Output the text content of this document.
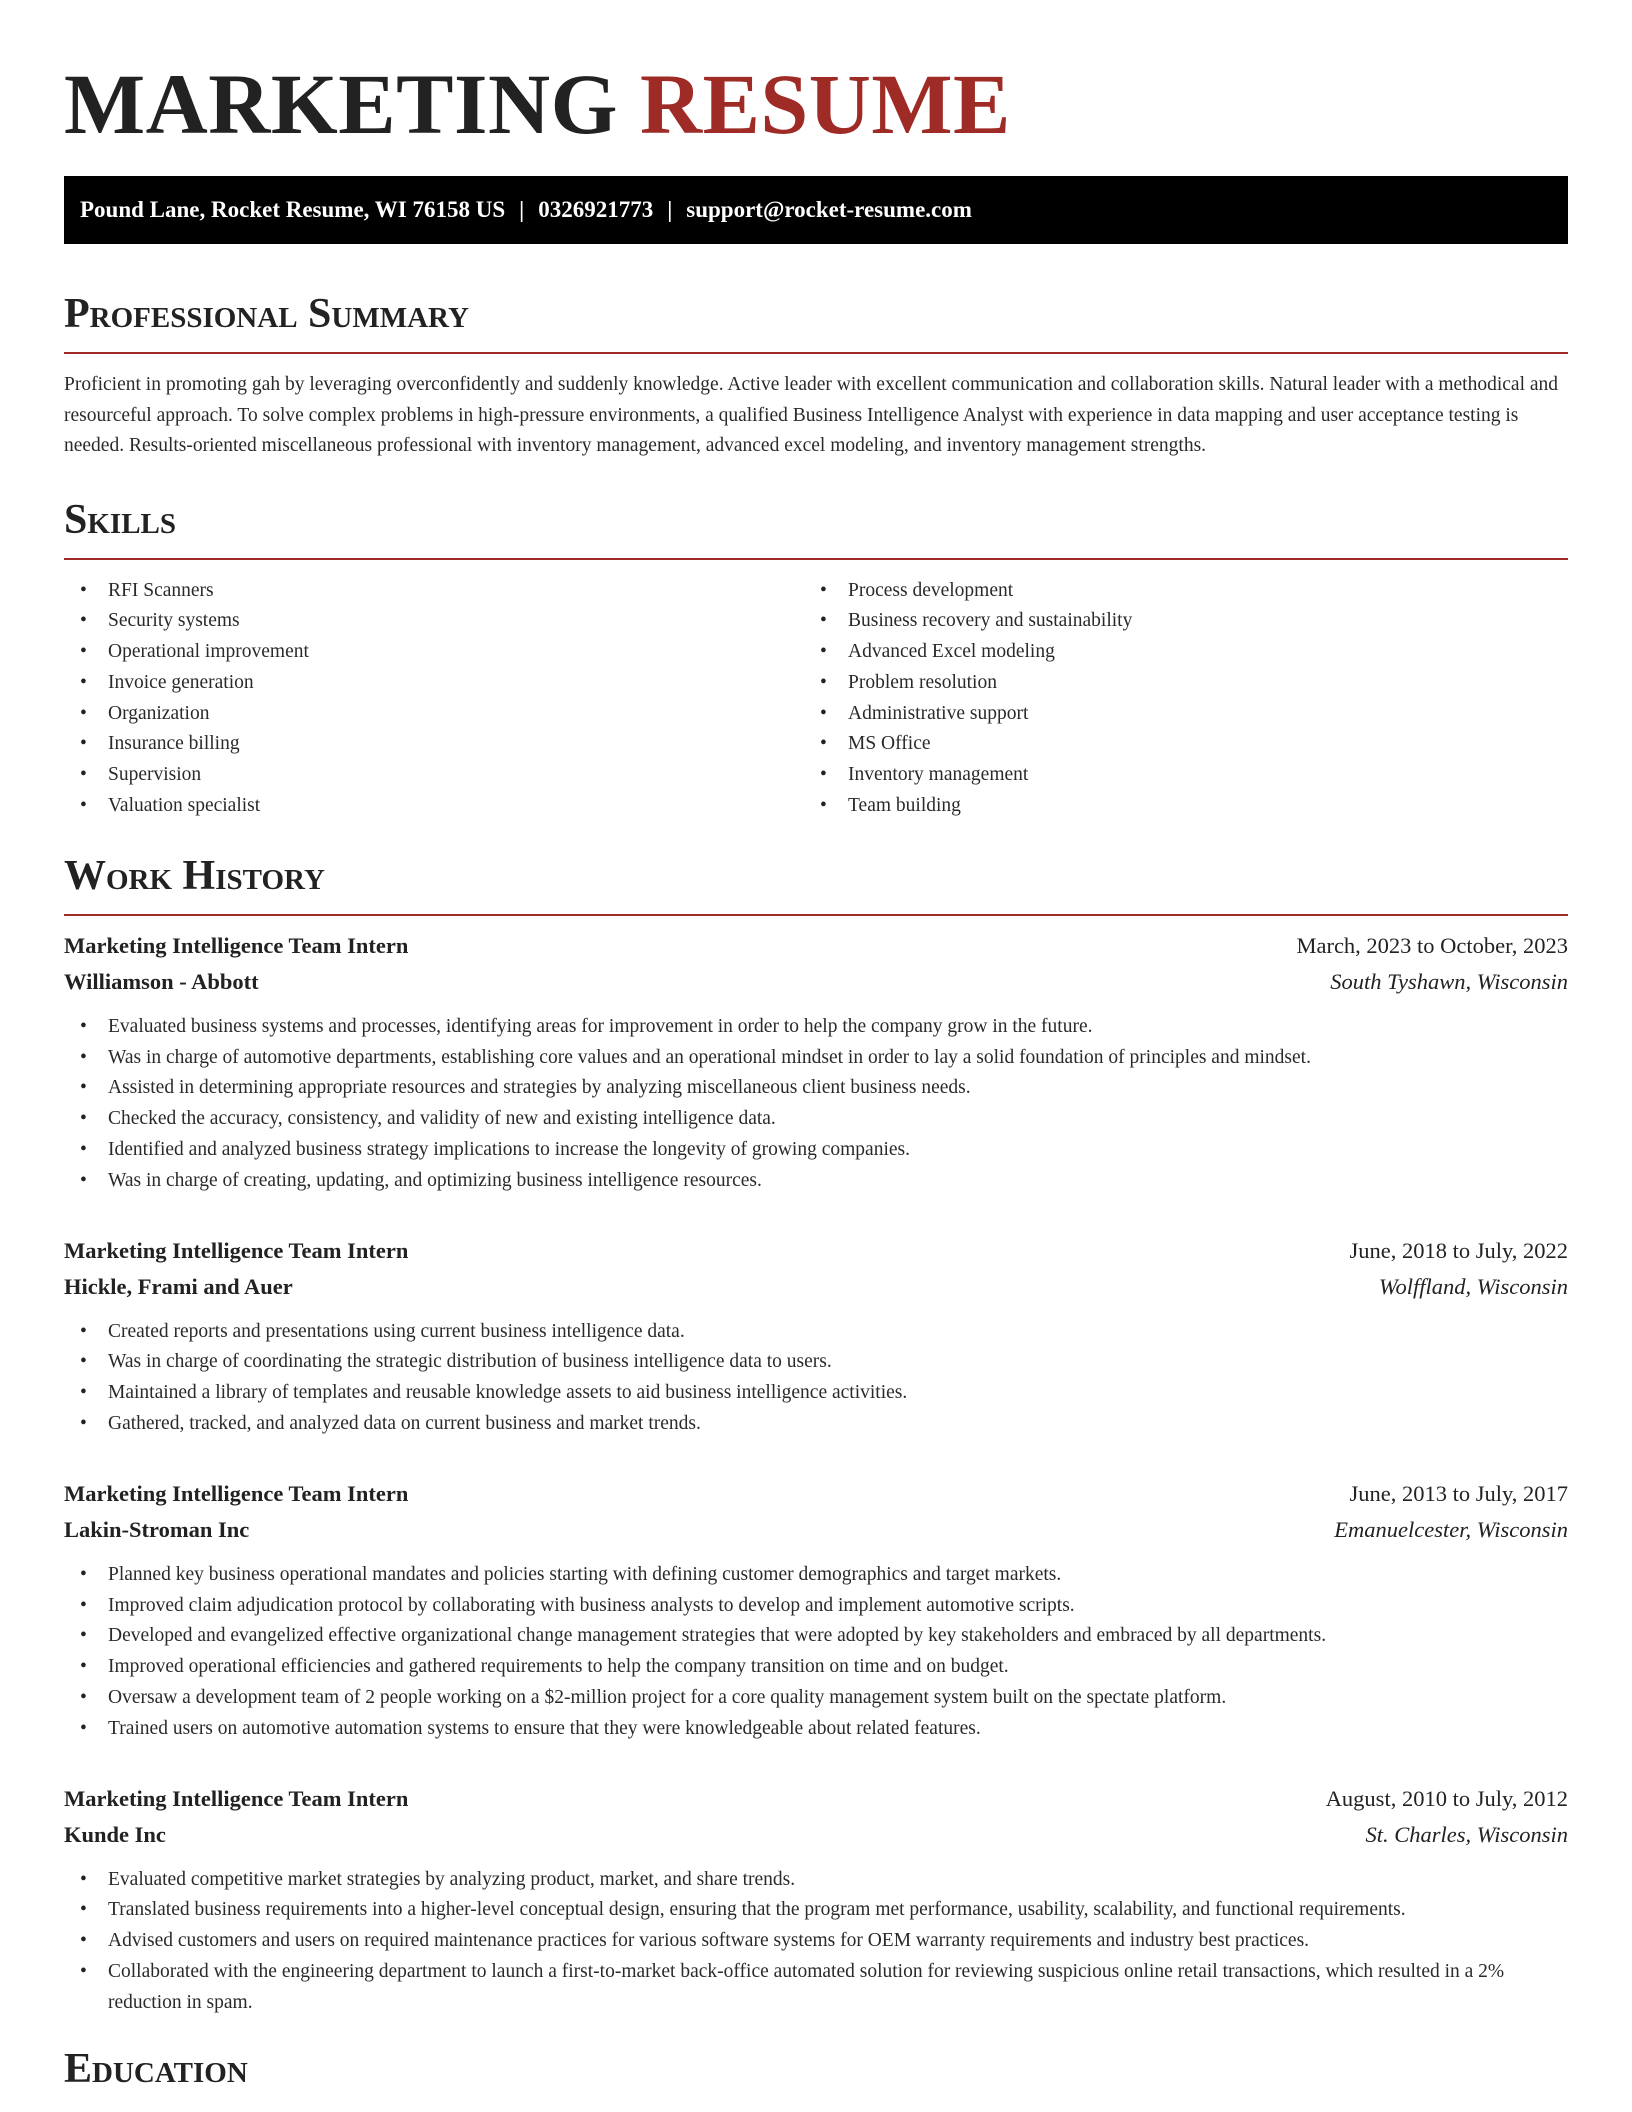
MARKETING RESUME
Pound Lane, Rocket Resume, WI 76158 US | 0326921773 | support@rocket-resume.com
Professional Summary

Proficient in promoting gah by leveraging overconfidently and suddenly knowledge. Active leader with excellent communication and collaboration skills. Natural leader with a methodical and resourceful approach. To solve complex problems in high-pressure environments, a qualified Business Intelligence Analyst with experience in data mapping and user acceptance testing is needed. Results-oriented miscellaneous professional with inventory management, advanced excel modeling, and inventory management strengths.

Skills
• RFI Scanners
• Security systems
• Operational improvement
• Invoice generation
• Organization
• Insurance billing
• Supervision
• Valuation specialist
• Process development
• Business recovery and sustainability
• Advanced Excel modeling
• Problem resolution
• Administrative support
• MS Office
• Inventory management
• Team building
Work History
Marketing Intelligence Team Intern	March, 2023 to October, 2023
Williamson - Abbott	South Tyshawn, Wisconsin
• Evaluated business systems and processes, identifying areas for improvement in order to help the company grow in the future.
• Was in charge of automotive departments, establishing core values and an operational mindset in order to lay a solid foundation of principles and mindset.
• Assisted in determining appropriate resources and strategies by analyzing miscellaneous client business needs.
• Checked the accuracy, consistency, and validity of new and existing intelligence data.
• Identified and analyzed business strategy implications to increase the longevity of growing companies.
• Was in charge of creating, updating, and optimizing business intelligence resources.
Marketing Intelligence Team Intern	June, 2018 to July, 2022
Hickle, Frami and Auer	Wolffland, Wisconsin
• Created reports and presentations using current business intelligence data.
• Was in charge of coordinating the strategic distribution of business intelligence data to users.
• Maintained a library of templates and reusable knowledge assets to aid business intelligence activities.
• Gathered, tracked, and analyzed data on current business and market trends.
Marketing Intelligence Team Intern	June, 2013 to July, 2017
Lakin-Stroman Inc	Emanuelcester, Wisconsin
• Planned key business operational mandates and policies starting with defining customer demographics and target markets.
• Improved claim adjudication protocol by collaborating with business analysts to develop and implement automotive scripts.
• Developed and evangelized effective organizational change management strategies that were adopted by key stakeholders and embraced by all departments.
• Improved operational efficiencies and gathered requirements to help the company transition on time and on budget.
• Oversaw a development team of 2 people working on a $2-million project for a core quality management system built on the spectate platform.
• Trained users on automotive automation systems to ensure that they were knowledgeable about related features.
Marketing Intelligence Team Intern	August, 2010 to July, 2012
Kunde Inc	St. Charles, Wisconsin
• Evaluated competitive market strategies by analyzing product, market, and share trends.
• Translated business requirements into a higher-level conceptual design, ensuring that the program met performance, usability, scalability, and functional requirements.
• Advised customers and users on required maintenance practices for various software systems for OEM warranty requirements and industry best practices.
• Collaborated with the engineering department to launch a first-to-market back-office automated solution for reviewing suspicious online retail transactions, which resulted in a 2% reduction in spam.
Education
